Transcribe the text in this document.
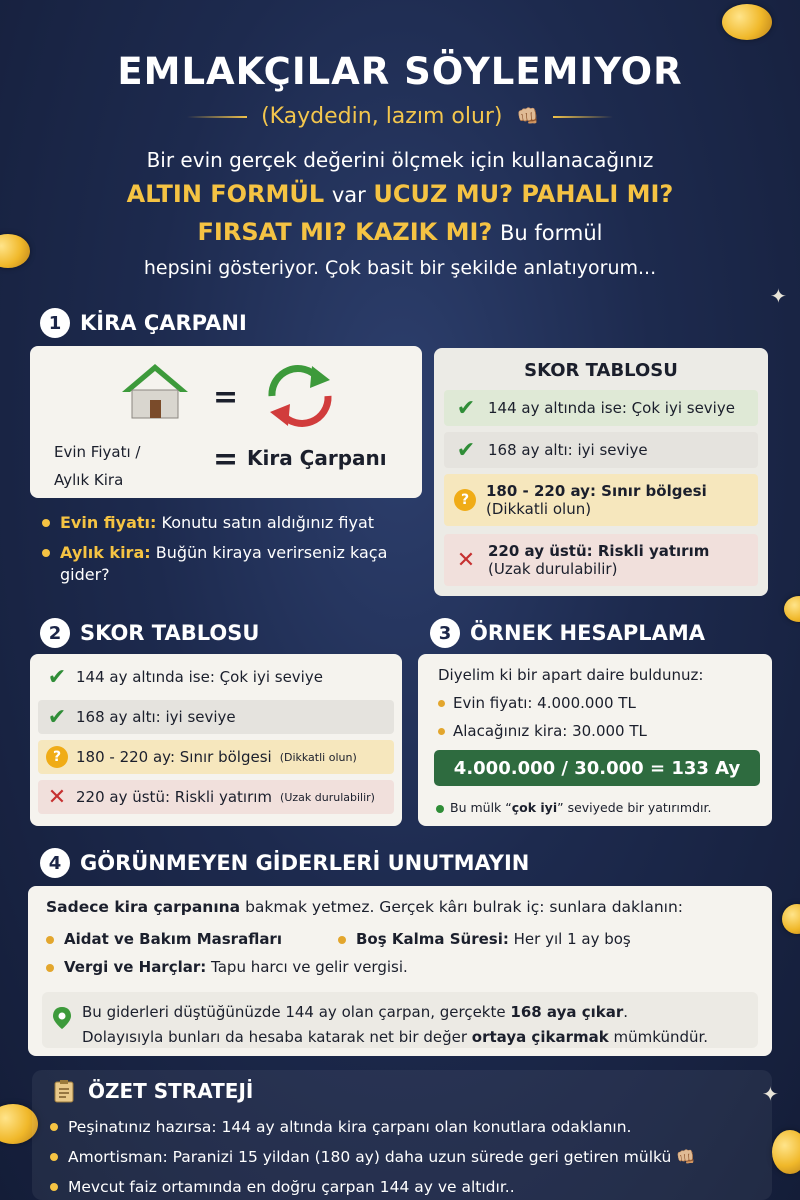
✦
✦
EMLAKÇILAR SÖYLEMIYOR
(Kaydedin, lazım olur) 👊🏼
Bir evin gerçek değerini ölçmek için kullanacağınız
ALTIN FORMÜL var UCUZ MU? PAHALI MI?
FIRSAT MI? KAZIK MI? Bu formül
hepsini gösteriyor. Çok basit bir şekilde anlatıyorum...
1 KİRA ÇARPANI
=
Evin Fiyatı /
Aylık Kira
= Kira Çarpanı
Evin fiyatı: Konutu satın aldığınız fiyat
Aylık kira: Buğün kiraya verirseniz kaça gider?
SKOR TABLOSU
✔ 144 ay altında ise: Çok iyi seviye
✔ 168 ay altı: iyi seviye
?	180 - 220 ay: Sınır bölgesi
(Dikkatli olun)
✕ 220 ay üstü: Riskli yatırım
(Uzak durulabilir)
2 SKOR TABLOSU
✔ 144 ay altında ise: Çok iyi seviye
✔ 168 ay altı: iyi seviye
? 180 - 220 ay: Sınır bölgesi (Dikkatli olun)
✕ 220 ay üstü: Riskli yatırım (Uzak durulabilir)
3 ÖRNEK HESAPLAMA
Diyelim ki bir apart daire buldunuz:
Evin fiyatı: 4.000.000 TL
Alacağınız kira: 30.000 TL
4.000.000 / 30.000 = 133 Ay
Bu mülk “çok iyi” seviyede bir yatırımdır.
4 GÖRÜNMEYEN GİDERLERİ UNUTMAYIN
Sadece kira çarpanına bakmak yetmez. Gerçek kârı bulrak iç: sunlara daklanın:
Aidat ve Bakım Masrafları	Boş Kalma Süresi: Her yıl 1 ay boş
Vergi ve Harçlar: Tapu harcı ve gelir vergisi.
Bu giderleri düştüğünüzde 144 ay olan çarpan, gerçekte 168 aya çıkar.
Dolayısıyla bunları da hesaba katarak net bir değer ortaya çikarmak mümkündür.
ÖZET STRATEJİ
Peşinatınız hazırsa: 144 ay altında kira çarpanı olan konutlara odaklanın.
Amortisman: Paranizi 15 yildan (180 ay) daha uzun sürede geri getiren mülkü 👊🏼
Mevcut faiz ortamında en doğru çarpan 144 ay ve altıdır..
